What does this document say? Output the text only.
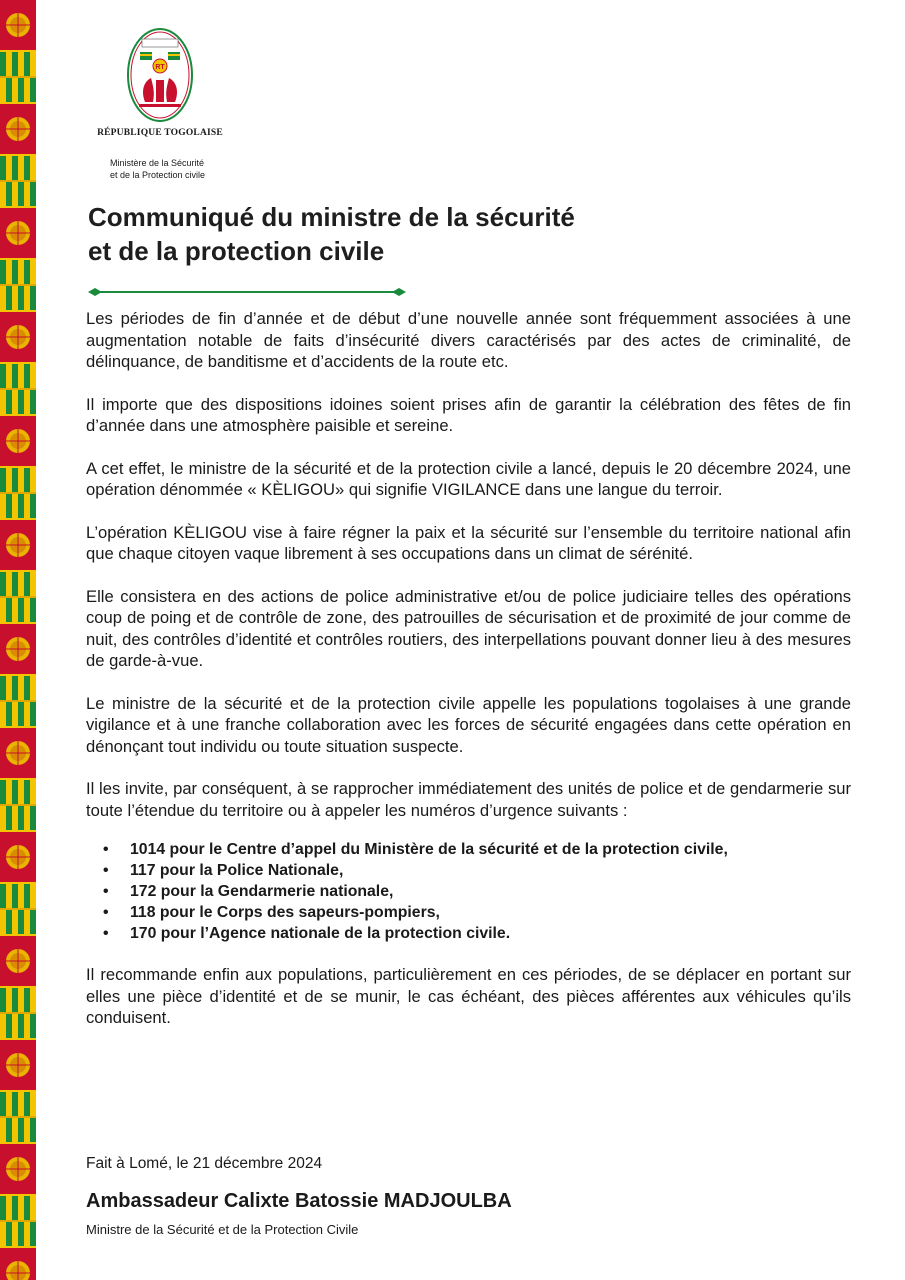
RT
RÉPUBLIQUE TOGOLAISE
Ministère de la Sécurité
et de la Protection civile
Communiqué du ministre de la sécurité
et de la protection civile

Les périodes de fin d’année et de début d’une nouvelle année sont fréquemment associées à une augmentation notable de faits d’insécurité divers caractérisés par des actes de criminalité, de délinquance, de banditisme et d’accidents de la route etc.

Il importe que des dispositions idoines soient prises afin de garantir la célébration des fêtes de fin d’année dans une atmosphère paisible et sereine.

A cet effet, le ministre de la sécurité et de la protection civile a lancé, depuis le 20 décembre 2024, une opération dénommée « KÈLIGOU» qui signifie VIGILANCE dans une langue du terroir.

L’opération KÈLIGOU vise à faire régner la paix et la sécurité sur l’ensemble du territoire national afin que chaque citoyen vaque librement à ses occupations dans un climat de sérénité.

Elle consistera en des actions de police administrative et/ou de police judiciaire telles des opérations coup de poing et de contrôle de zone, des patrouilles de sécurisation et de proximité de jour comme de nuit, des contrôles d’identité et contrôles routiers, des interpellations pouvant donner lieu à des mesures de garde-à-vue.

Le ministre de la sécurité et de la protection civile appelle les populations togolaises à une grande vigilance et à une franche collaboration avec les forces de sécurité engagées dans cette opération en dénonçant tout individu ou toute situation suspecte.

Il les invite, par conséquent, à se rapprocher immédiatement des unités de police et de gendarmerie sur toute l’étendue du territoire ou à appeler les numéros d’urgence suivants :

• 1014 pour le Centre d’appel du Ministère de la sécurité et de la protection civile,
• 117 pour la Police Nationale,
• 172 pour la Gendarmerie nationale,
• 118 pour le Corps des sapeurs-pompiers,
• 170 pour l’Agence nationale de la protection civile.

Il recommande enfin aux populations, particulièrement en ces périodes, de se déplacer en portant sur elles une pièce d’identité et de se munir, le cas échéant, des pièces afférentes aux véhicules qu’ils conduisent.

Fait à Lomé, le 21 décembre 2024
Ambassadeur Calixte Batossie MADJOULBA
Ministre de la Sécurité et de la Protection Civile
